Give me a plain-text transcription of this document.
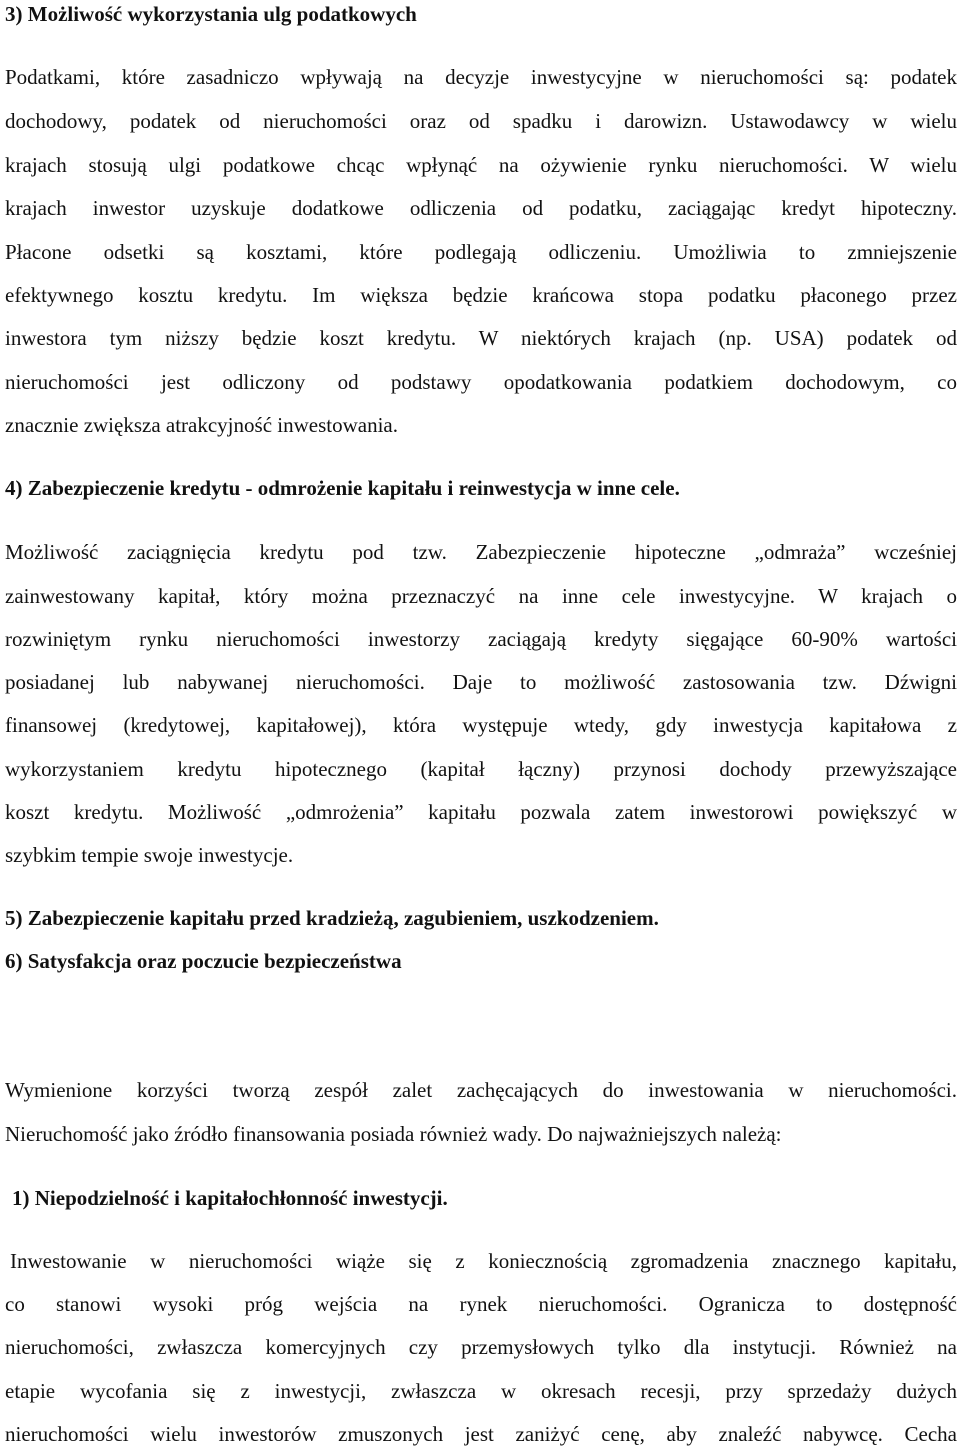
3) Możliwość wykorzystania ulg podatkowych
Podatkami, które zasadniczo wpływają na decyzje inwestycyjne w nieruchomości są: podatek
dochodowy, podatek od nieruchomości oraz od spadku i darowizn. Ustawodawcy w wielu
krajach stosują ulgi podatkowe chcąc wpłynąć na ożywienie rynku nieruchomości. W wielu
krajach inwestor uzyskuje dodatkowe odliczenia od podatku, zaciągając kredyt hipoteczny.
Płacone odsetki są kosztami, które podlegają odliczeniu. Umożliwia to zmniejszenie
efektywnego kosztu kredytu. Im większa będzie krańcowa stopa podatku płaconego przez
inwestora tym niższy będzie koszt kredytu. W niektórych krajach (np. USA) podatek od
nieruchomości jest odliczony od podstawy opodatkowania podatkiem dochodowym, co
znacznie zwiększa atrakcyjność inwestowania.
4) Zabezpieczenie kredytu - odmrożenie kapitału i reinwestycja w inne cele.
Możliwość zaciągnięcia kredytu pod tzw. Zabezpieczenie hipoteczne „odmraża” wcześniej
zainwestowany kapitał, który można przeznaczyć na inne cele inwestycyjne. W krajach o
rozwiniętym rynku nieruchomości inwestorzy zaciągają kredyty sięgające 60-90% wartości
posiadanej lub nabywanej nieruchomości. Daje to możliwość zastosowania tzw. Dźwigni
finansowej (kredytowej, kapitałowej), która występuje wtedy, gdy inwestycja kapitałowa z
wykorzystaniem kredytu hipotecznego (kapitał łączny) przynosi dochody przewyższające
koszt kredytu. Możliwość „odmrożenia” kapitału pozwala zatem inwestorowi powiększyć w
szybkim tempie swoje inwestycje.
5) Zabezpieczenie kapitału przed kradzieżą, zagubieniem, uszkodzeniem.
6) Satysfakcja oraz poczucie bezpieczeństwa
Wymienione korzyści tworzą zespół zalet zachęcających do inwestowania w nieruchomości.
Nieruchomość jako źródło finansowania posiada również wady. Do najważniejszych należą:
1) Niepodzielność i kapitałochłonność inwestycji.
Inwestowanie w nieruchomości wiąże się z koniecznością zgromadzenia znacznego kapitału,
co stanowi wysoki próg wejścia na rynek nieruchomości. Ogranicza to dostępność
nieruchomości, zwłaszcza komercyjnych czy przemysłowych tylko dla instytucji. Również na
etapie wycofania się z inwestycji, zwłaszcza w okresach recesji, przy sprzedaży dużych
nieruchomości wielu inwestorów zmuszonych jest zaniżyć cenę, aby znaleźć nabywcę. Cecha
